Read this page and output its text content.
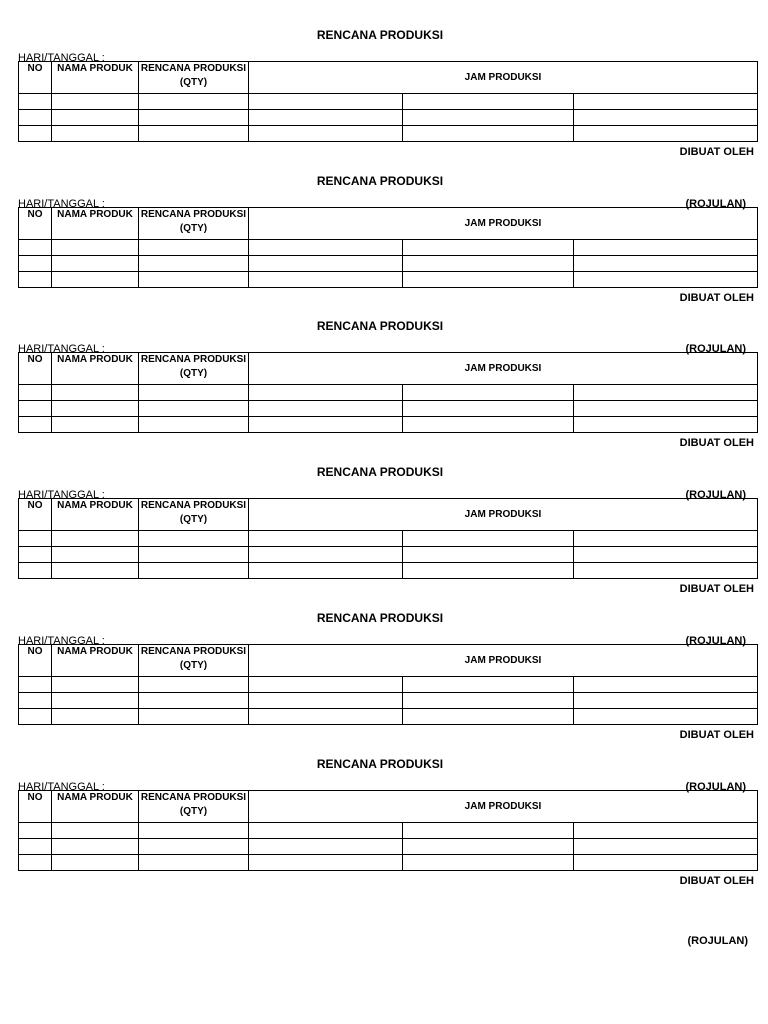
RENCANA PRODUKSI
HARI/TANGGAL :
NO	NAMA PRODUK	RENCANA PRODUKSI (QTY)	JAM PRODUKSI		

DIBUAT OLEH
RENCANA PRODUKSI
HARI/TANGGAL :	(ROJULAN)
NO	NAMA PRODUK	RENCANA PRODUKSI (QTY)	JAM PRODUKSI		

DIBUAT OLEH
RENCANA PRODUKSI
HARI/TANGGAL :	(ROJULAN)
NO	NAMA PRODUK	RENCANA PRODUKSI (QTY)	JAM PRODUKSI		

DIBUAT OLEH
RENCANA PRODUKSI
HARI/TANGGAL :	(ROJULAN)
NO	NAMA PRODUK	RENCANA PRODUKSI (QTY)	JAM PRODUKSI		

DIBUAT OLEH
RENCANA PRODUKSI
HARI/TANGGAL :	(ROJULAN)
NO	NAMA PRODUK	RENCANA PRODUKSI (QTY)	JAM PRODUKSI		

DIBUAT OLEH
RENCANA PRODUKSI
HARI/TANGGAL :	(ROJULAN)
NO	NAMA PRODUK	RENCANA PRODUKSI (QTY)	JAM PRODUKSI		

DIBUAT OLEH
(ROJULAN)
